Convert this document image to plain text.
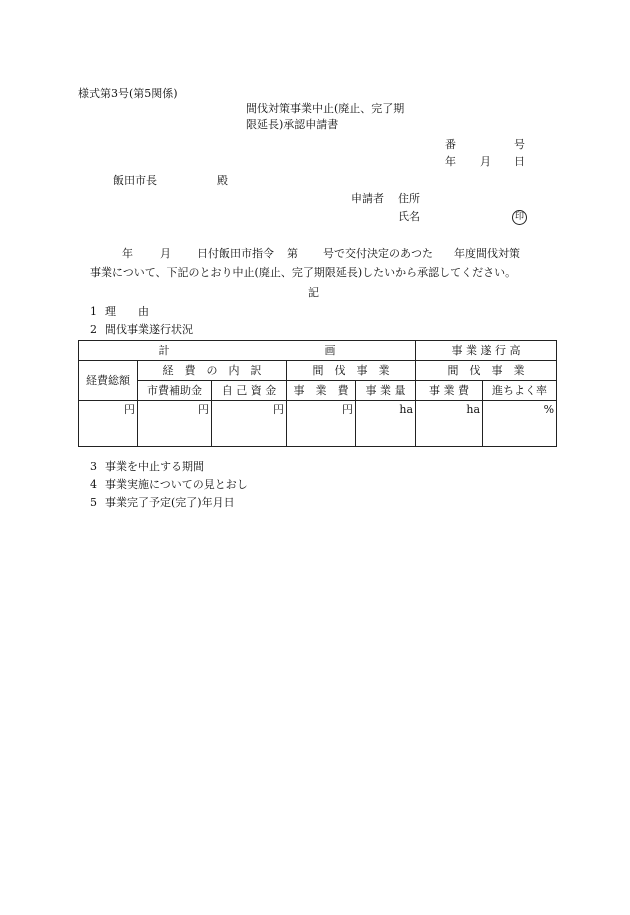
様式第3号(第5関係)
間伐対策事業中止(廃止、完了期
限延長)承認申請書
番	号
年 月 日
飯田市長	殿
申請者 住所
氏名	印
年 月 日付飯田市指令 第 号で交付決定のあつた 年度間伐対策
事業について、下記のとおり中止(廃止、完了期限延長)したいから承認してください。
記
1 理　　由
2 間伐事業遂行状況
計 画					事 業 遂 行 高	
経費総額	経　費　の　内　訳		間　伐　事　業		間　伐　事　業	
	市費補助金	自 己 資 金	事　業　費	事 業 量	事 業 費	進ちよく率
円	円	円	円	ha	ha	%
3 事業を中止する期間
4 事業実施についての見とおし
5 事業完了予定(完了)年月日
